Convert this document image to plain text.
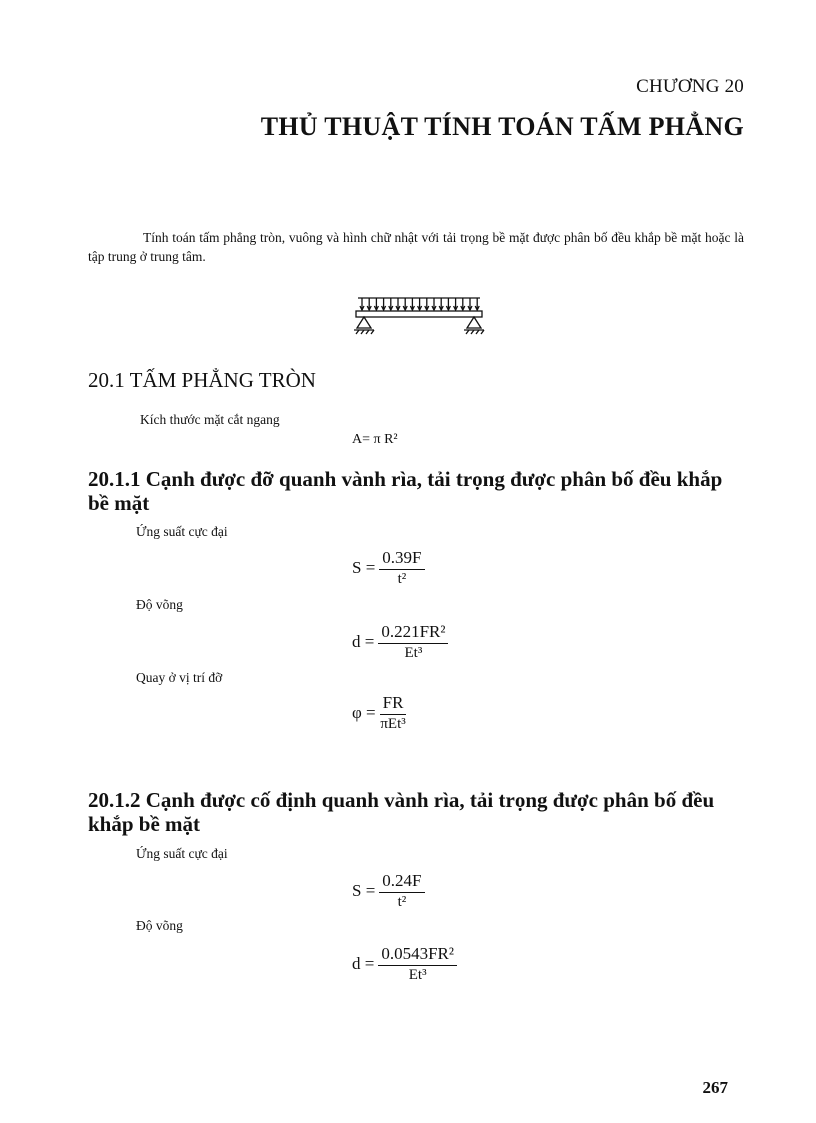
CHƯƠNG 20
THỦ THUẬT TÍNH TOÁN TẤM PHẲNG
Tính toán tấm phẳng tròn, vuông và hình chữ nhật với tải trọng bề mặt được phân bố đều khắp bề mặt hoặc là tập trung ở trung tâm.
20.1 TẤM PHẲNG TRÒN
Kích thước mặt cắt ngang
A= π R²
20.1.1 Cạnh được đỡ quanh vành rìa, tải trọng được phân bố đều khắp bề mặt
Ứng suất cực đại
$S = \frac{0.39F}{\text{t²}}$
Độ võng
$d = \frac{\text{0.221FR²}}{\text{Et³}}$
Quay ở vị trí đỡ
$\varphi = \frac{FR}{\text{πEt³}}$
20.1.2 Cạnh được cố định quanh vành rìa, tải trọng được phân bố đều khắp bề mặt
Ứng suất cực đại
$S = \frac{0.24F}{\text{t²}}$
Độ võng
$d = \frac{\text{0.0543FR²}}{\text{Et³}}$
267
